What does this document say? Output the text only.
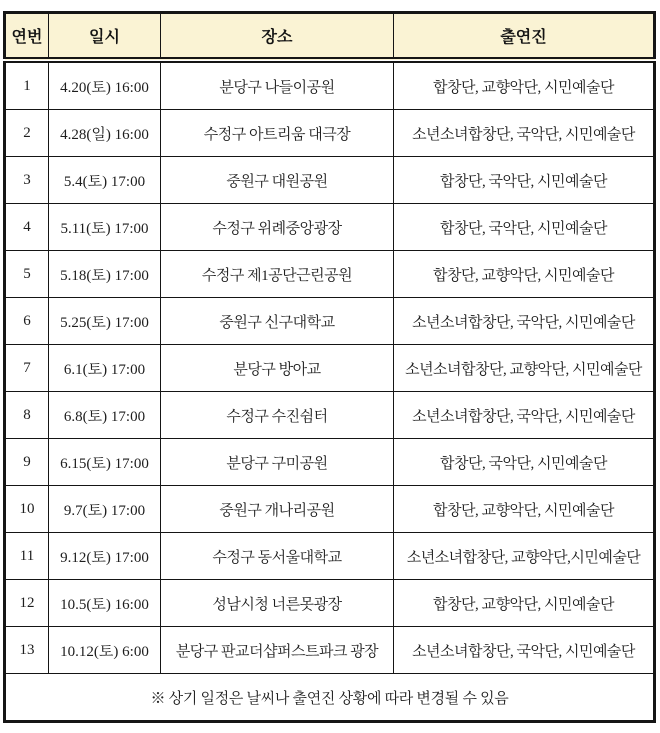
연번	일시	장소	출연진
1	4.20(토) 16:00	분당구 나들이공원	합창단, 교향악단, 시민예술단
2	4.28(일) 16:00	수정구 아트리움 대극장	소년소녀합창단, 국악단, 시민예술단
3	5.4(토) 17:00	중원구 대원공원	합창단, 국악단, 시민예술단
4	5.11(토) 17:00	수정구 위례중앙광장	합창단, 국악단, 시민예술단
5	5.18(토) 17:00	수정구 제1공단근린공원	합창단, 교향악단, 시민예술단
6	5.25(토) 17:00	중원구 신구대학교	소년소녀합창단, 국악단, 시민예술단
7	6.1(토) 17:00	분당구 방아교	소년소녀합창단, 교향악단, 시민예술단
8	6.8(토) 17:00	수정구 수진쉼터	소년소녀합창단, 국악단, 시민예술단
9	6.15(토) 17:00	분당구 구미공원	합창단, 국악단, 시민예술단
10	9.7(토) 17:00	중원구 개나리공원	합창단, 교향악단, 시민예술단
11	9.12(토) 17:00	수정구 동서울대학교	소년소녀합창단, 교향악단,시민예술단
12	10.5(토) 16:00	성남시청 너른못광장	합창단, 교향악단, 시민예술단
13	10.12(토) 6:00	분당구 판교더샵퍼스트파크 광장	소년소녀합창단, 국악단, 시민예술단
※ 상기 일정은 날씨나 출연진 상황에 따라 변경될 수 있음			
